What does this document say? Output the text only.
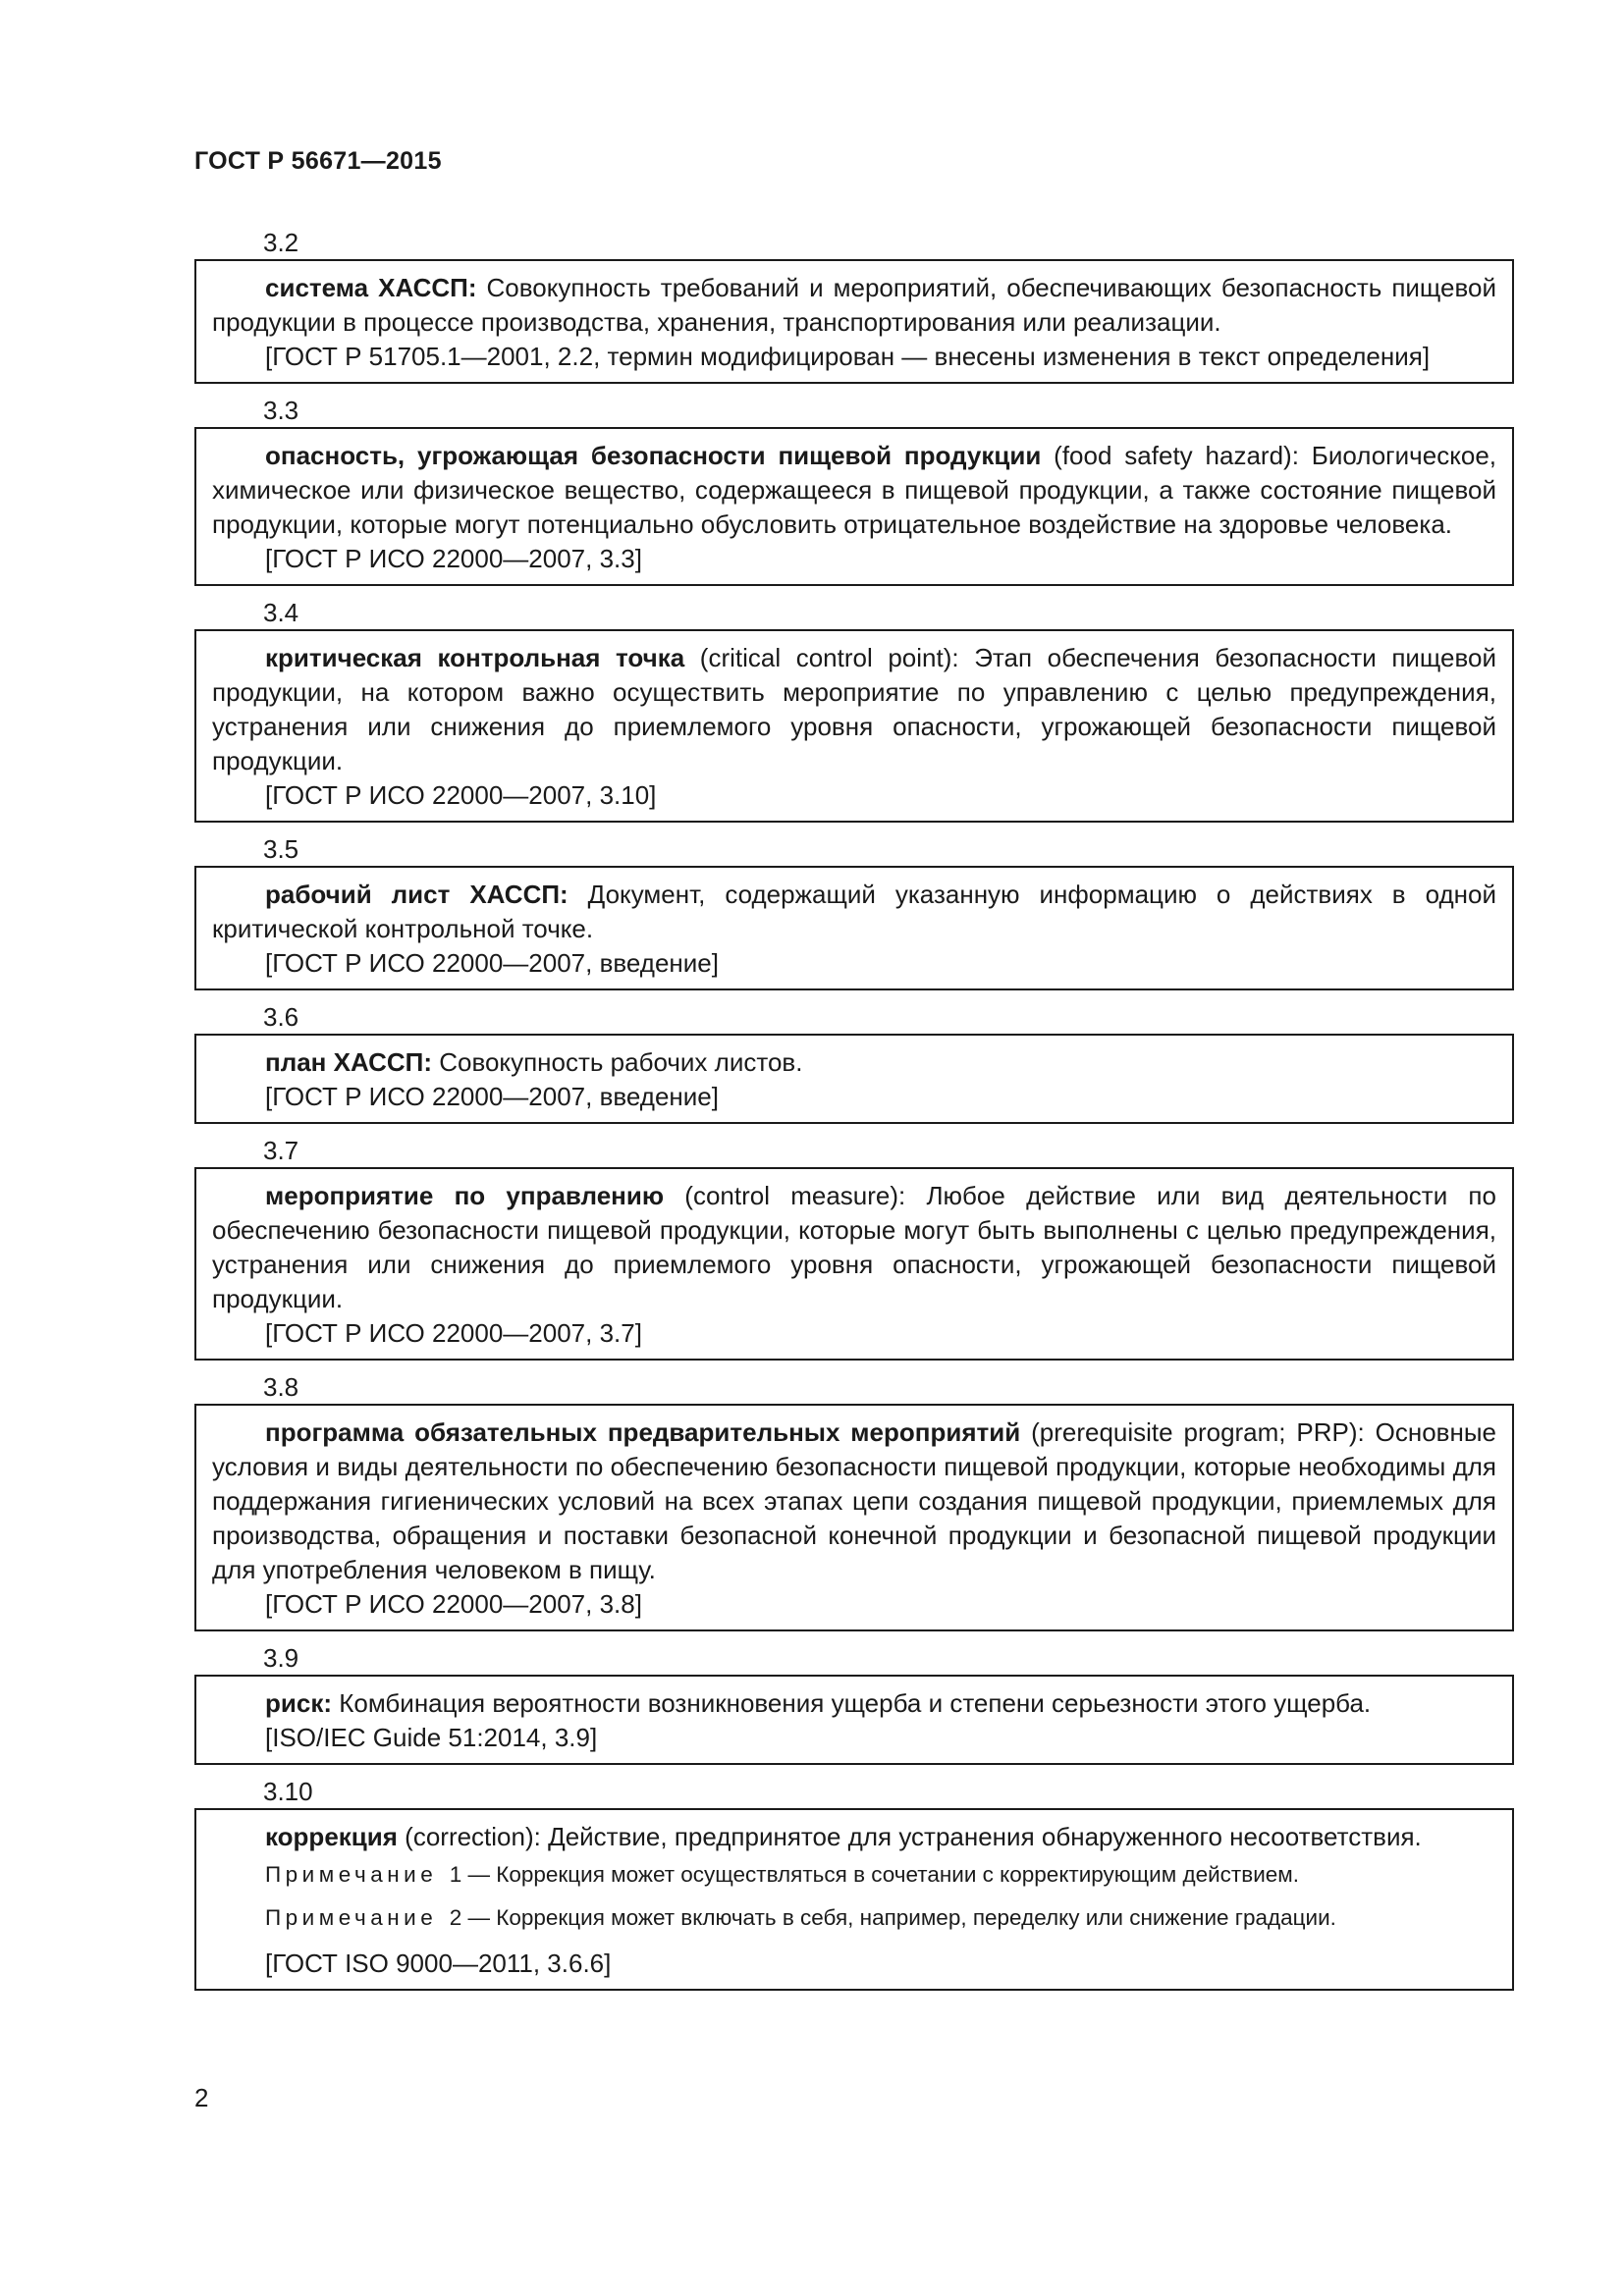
ГОСТ Р 56671—2015
3.2
система ХАССП: Совокупность требований и мероприятий, обеспечивающих безопасность пищевой продукции в процессе производства, хранения, транспортирования или реализации.
[ГОСТ Р 51705.1—2001, 2.2, термин модифицирован — внесены изменения в текст определения]
3.3
опасность, угрожающая безопасности пищевой продукции (food safety hazard): Биологическое, химическое или физическое вещество, содержащееся в пищевой продукции, а также состояние пищевой продукции, которые могут потенциально обусловить отрицательное воздействие на здоровье человека.
[ГОСТ Р ИСО 22000—2007, 3.3]
3.4
критическая контрольная точка (critical control point): Этап обеспечения безопасности пищевой продукции, на котором важно осуществить мероприятие по управлению с целью предупреждения, устранения или снижения до приемлемого уровня опасности, угрожающей безопасности пищевой продукции.
[ГОСТ Р ИСО 22000—2007, 3.10]
3.5
рабочий лист ХАССП: Документ, содержащий указанную информацию о действиях в одной критической контрольной точке.
[ГОСТ Р ИСО 22000—2007, введение]
3.6
план ХАССП: Совокупность рабочих листов.
[ГОСТ Р ИСО 22000—2007, введение]
3.7
мероприятие по управлению (control measure): Любое действие или вид деятельности по обеспечению безопасности пищевой продукции, которые могут быть выполнены с целью предупреждения, устранения или снижения до приемлемого уровня опасности, угрожающей безопасности пищевой продукции.
[ГОСТ Р ИСО 22000—2007, 3.7]
3.8
программа обязательных предварительных мероприятий (prerequisite program; PRP): Основные условия и виды деятельности по обеспечению безопасности пищевой продукции, которые необходимы для поддержания гигиенических условий на всех этапах цепи создания пищевой продукции, приемлемых для производства, обращения и поставки безопасной конечной продукции и безопасной пищевой продукции для употребления человеком в пищу.
[ГОСТ Р ИСО 22000—2007, 3.8]
3.9
риск: Комбинация вероятности возникновения ущерба и степени серьезности этого ущерба.
[ISO/IEC Guide 51:2014, 3.9]
3.10
коррекция (correction): Действие, предпринятое для устранения обнаруженного несоответствия.
Примечание 1 — Коррекция может осуществляться в сочетании с корректирующим действием.
Примечание 2 — Коррекция может включать в себя, например, переделку или снижение градации.
[ГОСТ ISO 9000—2011, 3.6.6]
2
